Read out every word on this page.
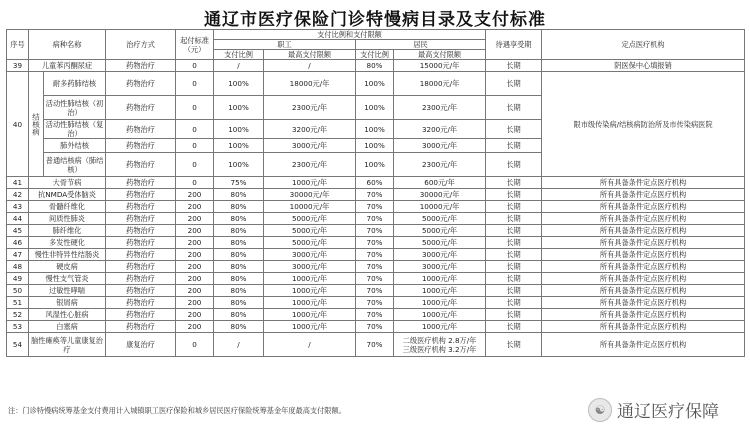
通辽市医疗保险门诊特慢病目录及支付标准
序号	病种名称		治疗方式	起付标准（元）	支付比例和支付限额				待遇享受期	定点医疗机构
					职工		居民			
					支付比例	最高支付限额	支付比例	最高支付限额		
39	儿童苯丙酮尿症		药物治疗	0	/	/	80%	15000元/年	长期	阴医保中心填报销
40	结核病	耐多药肺结核	药物治疗	0	100%	18000元/年	100%	18000元/年	长期	限市级传染病/结核病防治所及市传染病医院
		活动性肺结核（初治）	药物治疗	0	100%	2300元/年	100%	2300元/年	长期	
		活动性肺结核（复治）	药物治疗	0	100%	3200元/年	100%	3200元/年	长期	
		肺外结核	药物治疗	0	100%	3000元/年	100%	3000元/年	长期	
		普通结核病（肺结核）	药物治疗	0	100%	2300元/年	100%	2300元/年	长期	
41	大骨节病		药物治疗	0	75%	1000元/年	60%	600元/年	长期	所有具备条件定点医疗机构
42	抗NMDA受体脑炎		药物治疗	200	80%	30000元/年	70%	30000元/年	长期	所有具备条件定点医疗机构
43	骨髓纤维化		药物治疗	200	80%	10000元/年	70%	10000元/年	长期	所有具备条件定点医疗机构
44	间质性肺炎		药物治疗	200	80%	5000元/年	70%	5000元/年	长期	所有具备条件定点医疗机构
45	肺纤维化		药物治疗	200	80%	5000元/年	70%	5000元/年	长期	所有具备条件定点医疗机构
46	多发性硬化		药物治疗	200	80%	5000元/年	70%	5000元/年	长期	所有具备条件定点医疗机构
47	慢性非特异性结肠炎		药物治疗	200	80%	3000元/年	70%	3000元/年	长期	所有具备条件定点医疗机构
48	硬皮病		药物治疗	200	80%	3000元/年	70%	3000元/年	长期	所有具备条件定点医疗机构
49	慢性支气管炎		药物治疗	200	80%	1000元/年	70%	1000元/年	长期	所有具备条件定点医疗机构
50	过敏性哮喘		药物治疗	200	80%	1000元/年	70%	1000元/年	长期	所有具备条件定点医疗机构
51	银屑病		药物治疗	200	80%	1000元/年	70%	1000元/年	长期	所有具备条件定点医疗机构
52	风湿性心脏病		药物治疗	200	80%	1000元/年	70%	1000元/年	长期	所有具备条件定点医疗机构
53	白塞病		药物治疗	200	80%	1000元/年	70%	1000元/年	长期	所有具备条件定点医疗机构
54	脑性瘫痪等儿童康复治疗		康复治疗	0	/	/	70%	二级医疗机构 2.8万/年
三级医疗机构 3.2万/年	长期	所有具备条件定点医疗机构
注：门诊特慢病统筹基金支付费用计入城镇职工医疗保险和城乡居民医疗保险统筹基金年度最高支付限额。	☯ 通辽医疗保障
